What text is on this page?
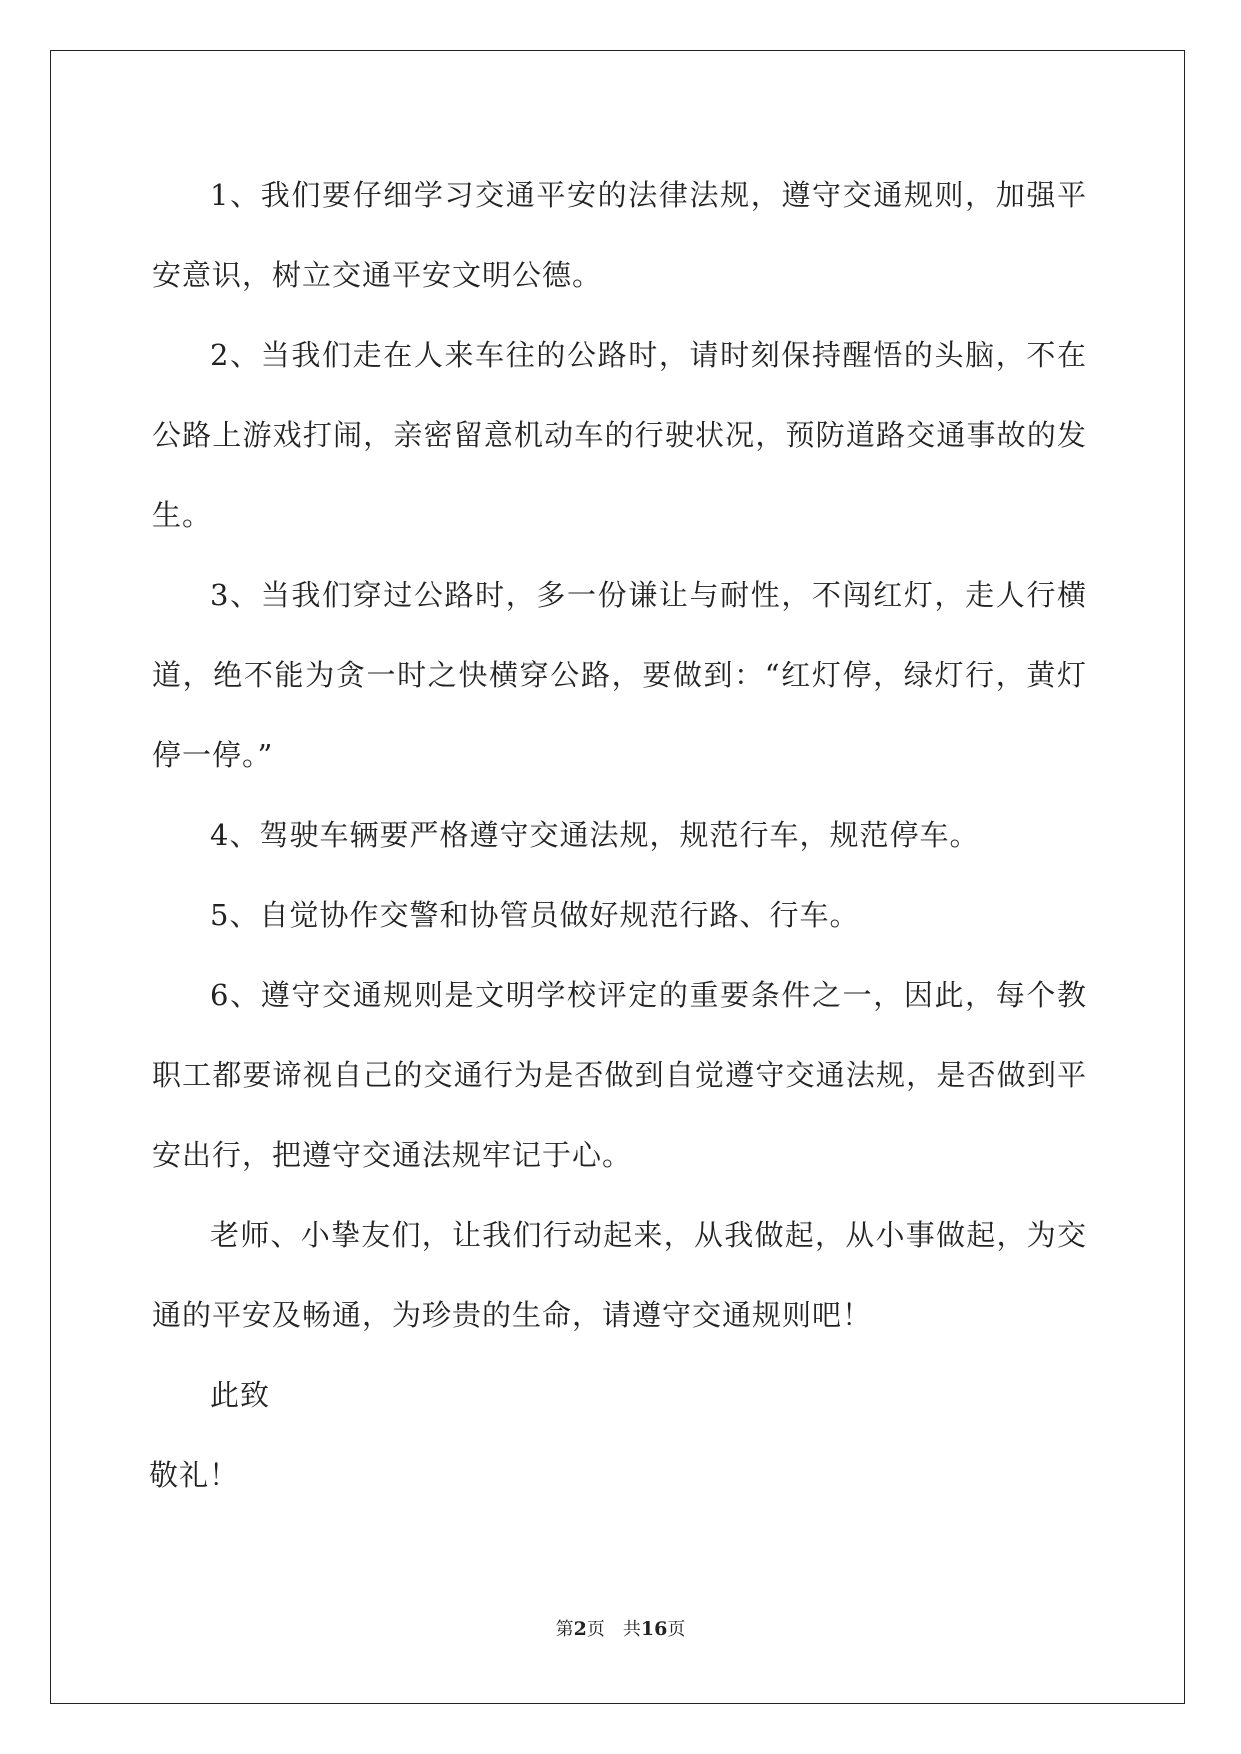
1、我们要仔细学习交通平安的法律法规，遵守交通规则，加强平安意识，树立交通平安文明公德。

2、当我们走在人来车往的公路时，请时刻保持醒悟的头脑，不在公路上游戏打闹，亲密留意机动车的行驶状况，预防道路交通事故的发生。

3、当我们穿过公路时，多一份谦让与耐性，不闯红灯，走人行横道，绝不能为贪一时之快横穿公路，要做到：“红灯停，绿灯行，黄灯停一停。”

4、驾驶车辆要严格遵守交通法规，规范行车，规范停车。

5、自觉协作交警和协管员做好规范行路、行车。

6、遵守交通规则是文明学校评定的重要条件之一，因此，每个教职工都要谛视自己的交通行为是否做到自觉遵守交通法规，是否做到平安出行，把遵守交通法规牢记于心。

老师、小挚友们，让我们行动起来，从我做起，从小事做起，为交通的平安及畅通，为珍贵的生命，请遵守交通规则吧！

此致

敬礼！

第2页 共16页
